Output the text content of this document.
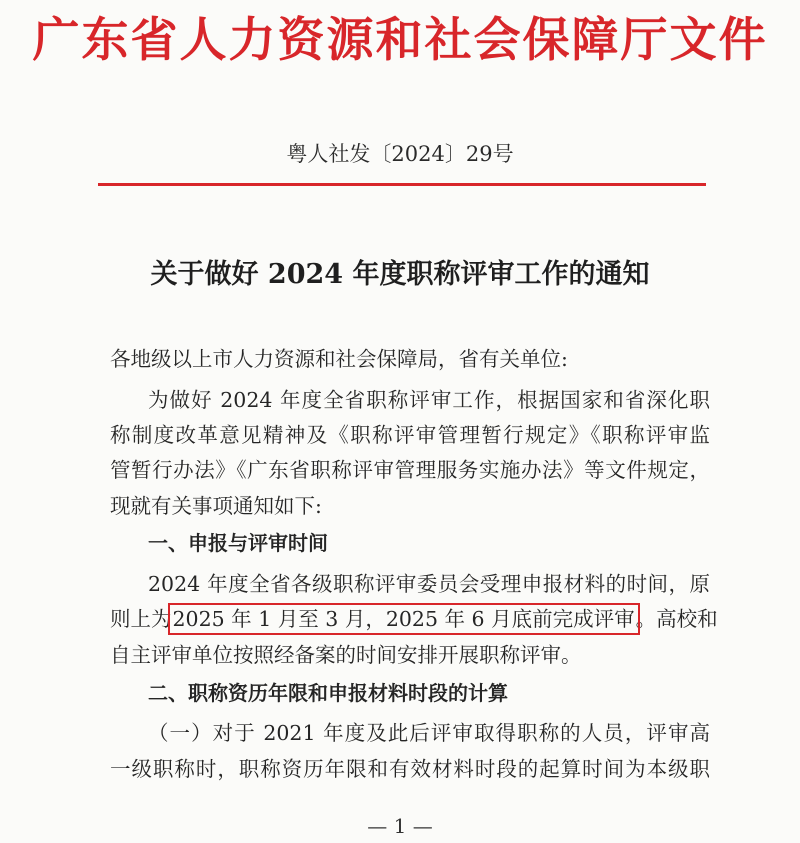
广东省人力资源和社会保障厅文件
粤人社发〔2024〕29号
关于做好 2024 年度职称评审工作的通知
各地级以上市人力资源和社会保障局，省有关单位:
为做好 2024 年度全省职称评审工作，根据国家和省深化职
称制度改革意见精神及《职称评审管理暂行规定》《职称评审监
管暂行办法》《广东省职称评审管理服务实施办法》等文件规定，
现就有关事项通知如下:
一、申报与评审时间
2024 年度全省各级职称评审委员会受理申报材料的时间，原
则上为2025 年 1 月至 3 月，2025 年 6 月底前完成评审。高校和
自主评审单位按照经备案的时间安排开展职称评审。
二、职称资历年限和申报材料时段的计算
（一）对于 2021 年度及此后评审取得职称的人员，评审高
一级职称时，职称资历年限和有效材料时段的起算时间为本级职
— 1 —
